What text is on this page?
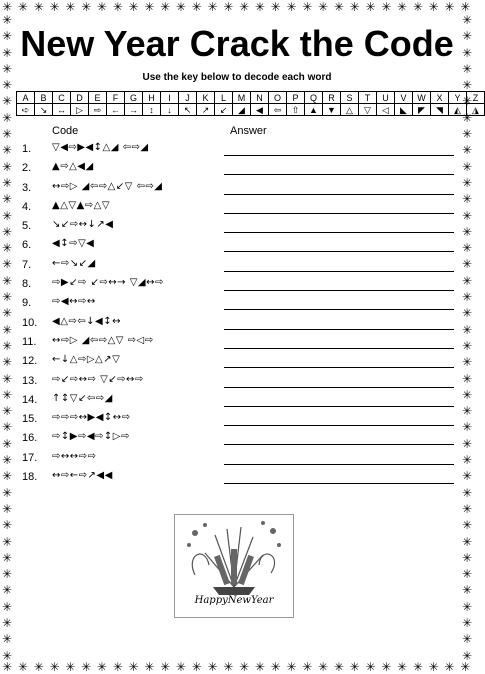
✳ ✳ ✳ ✳ ✳ ✳ ✳ ✳ ✳ ✳ ✳ ✳ ✳ ✳ ✳ ✳ ✳ ✳ ✳ ✳ ✳ ✳ ✳ ✳ ✳ ✳ ✳ ✳ ✳ ✳
✳ ✳ ✳ ✳ ✳ ✳ ✳ ✳ ✳ ✳ ✳ ✳ ✳ ✳ ✳ ✳ ✳ ✳ ✳ ✳ ✳ ✳ ✳ ✳ ✳ ✳ ✳ ✳ ✳ ✳
✳
✳
✳
✳
✳
✳
✳
✳
✳
✳
✳
✳
✳
✳
✳
✳
✳
✳
✳
✳
✳
✳
✳
✳
✳
✳
✳
✳
✳
✳
✳
✳
✳
✳
✳
✳
✳
✳
✳
✳
✳
✳
✳
✳
✳
✳
✳
✳
✳
✳
✳
✳
✳
✳
✳
✳
✳
✳
✳
✳
✳
✳
✳
✳
✳
✳
✳
✳
✳
✳
✳
✳
✳
✳
✳
✳
✳
✳
✳
✳
New Year Crack the Code
Use the key below to decode each word
A	B	C	D	E	F	G	H	I	J	K	L	M	N	O	P	Q	R	S	T	U	V	W	X	Y	Z
➪	↘	↔	▷	⇨	←	→	↕	↓	↖	↗	↙	◢	◀	⇦	⇧	▲	▼	△	▽	◁	◣	◤	◥	◭	◮
Code	Answer
1.	▽◀⇨▶◀↕△◢ ⇦⇨◢
2.	▲⇨△◀◢
3.	↔⇨▷ ◢⇦⇨△↙▽ ⇦⇨◢
4.	▲△▽▲⇨△▽
5.	↘↙⇨↔↓↗◀
6.	◀↕⇨▽◀
7.	←⇨↘↙◢
8.	⇨▶↙⇨ ↙⇨↔→ ▽◢↔⇨
9.	⇨◀↔⇨↔
10.	◀△⇨⇦↓◀↕↔
11.	↔⇨▷ ◢⇦⇨△▽ ⇨◁⇨
12.	←↓△⇨▷△↗▽
13.	⇨↙⇨↔⇨ ▽↙⇨↔⇨
14.	↑↕▽↙⇦⇨◢
15.	⇨⇨⇨↔▶◀↕↔⇨
16.	⇨↕▶⇨◀⇨↕▷⇨
17.	⇨↔↔⇨⇨
18.	↔⇨←⇨↗◀◀
HappyNewYear
